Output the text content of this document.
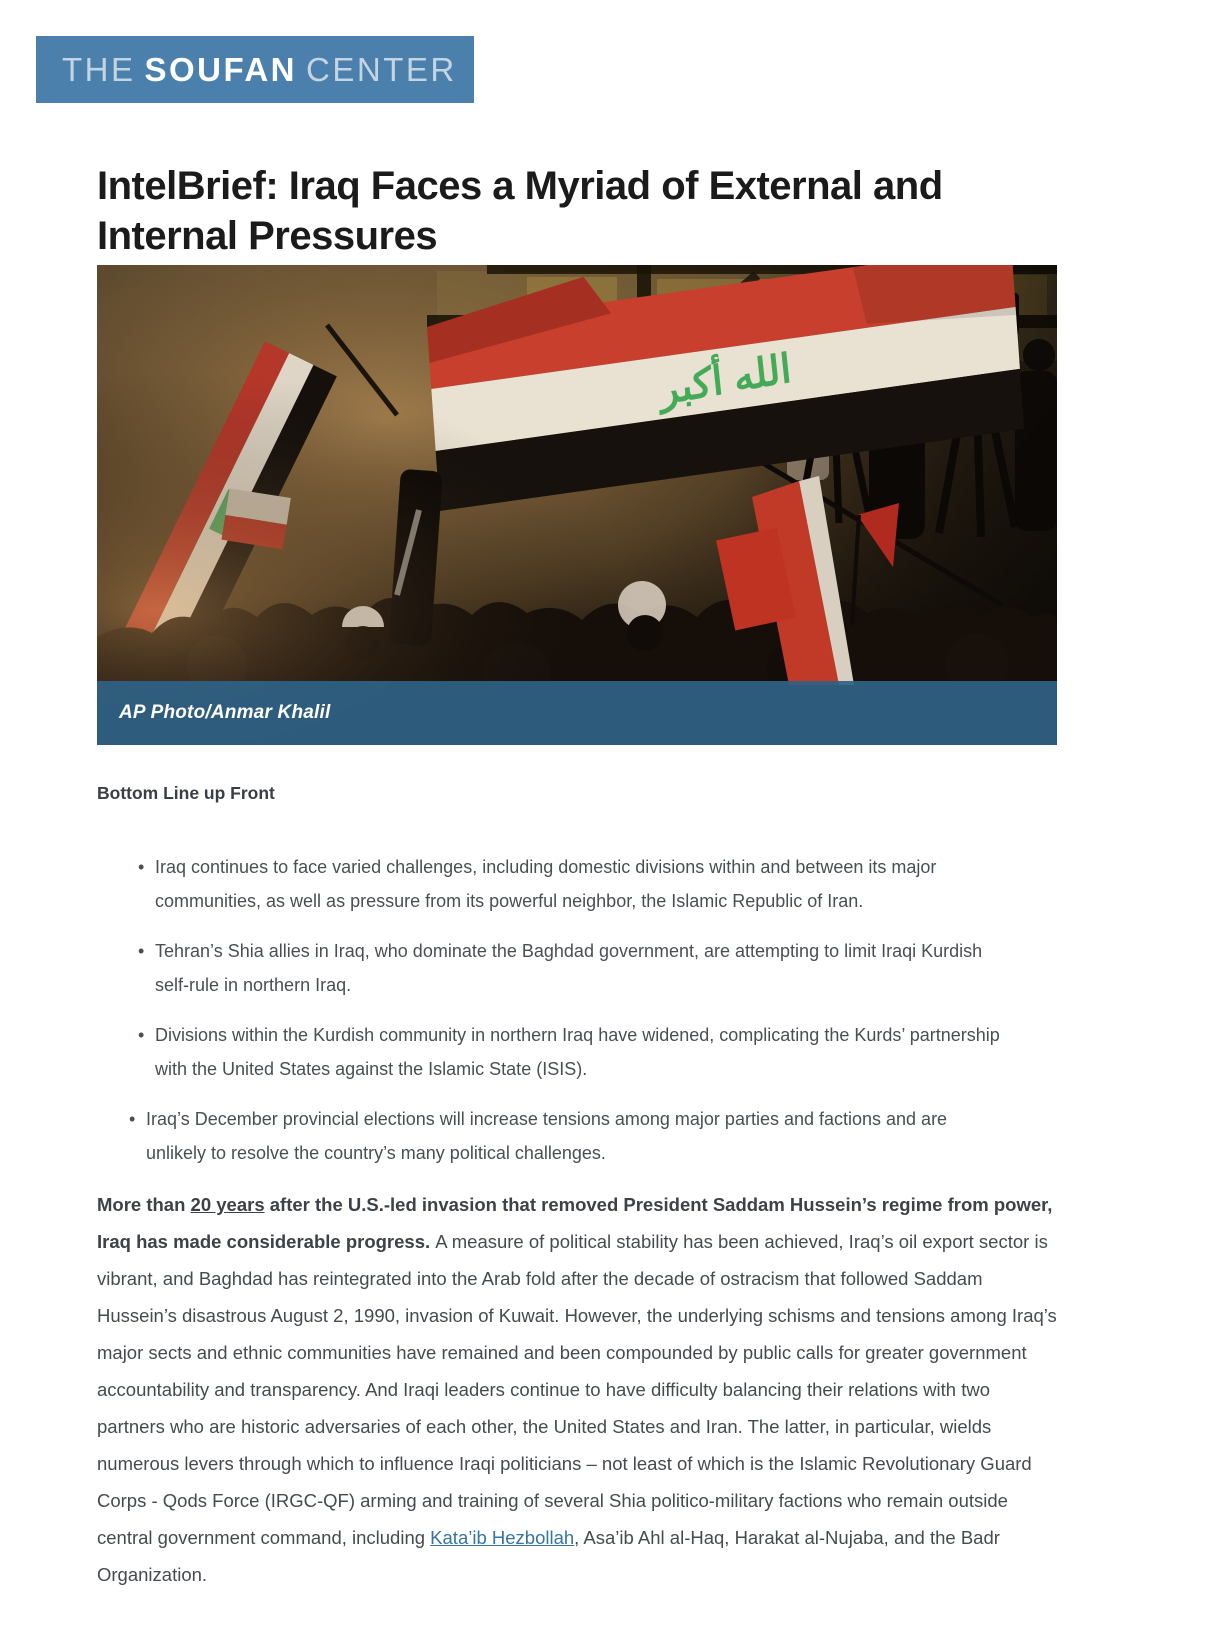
THE SOUFAN CENTER
IntelBrief: Iraq Faces a Myriad of External and
Internal Pressures
AP Photo/Anmar Khalil
Bottom Line up Front
• Iraq continues to face varied challenges, including domestic divisions within and between its major communities, as well as pressure from its powerful neighbor, the Islamic Republic of Iran.
• Tehran’s Shia allies in Iraq, who dominate the Baghdad government, are attempting to limit Iraqi Kurdish self-rule in northern Iraq.
• Divisions within the Kurdish community in northern Iraq have widened, complicating the Kurds’ partnership with the United States against the Islamic State (ISIS).
• Iraq’s December provincial elections will increase tensions among major parties and factions and are unlikely to resolve the country’s many political challenges.

More than 20 years after the U.S.-led invasion that removed President Saddam Hussein’s regime from power, Iraq has made considerable progress. A measure of political stability has been achieved, Iraq’s oil export sector is vibrant, and Baghdad has reintegrated into the Arab fold after the decade of ostracism that followed Saddam Hussein’s disastrous August 2, 1990, invasion of Kuwait. However, the underlying schisms and tensions among Iraq’s major sects and ethnic communities have remained and been compounded by public calls for greater government accountability and transparency. And Iraqi leaders continue to have difficulty balancing their relations with two partners who are historic adversaries of each other, the United States and Iran. The latter, in particular, wields numerous levers through which to influence Iraqi politicians – not least of which is the Islamic Revolutionary Guard Corps - Qods Force (IRGC-QF) arming and training of several Shia politico-military factions who remain outside central government command, including Kata’ib Hezbollah, Asa’ib Ahl al-Haq, Harakat al-Nujaba, and the Badr Organization.
